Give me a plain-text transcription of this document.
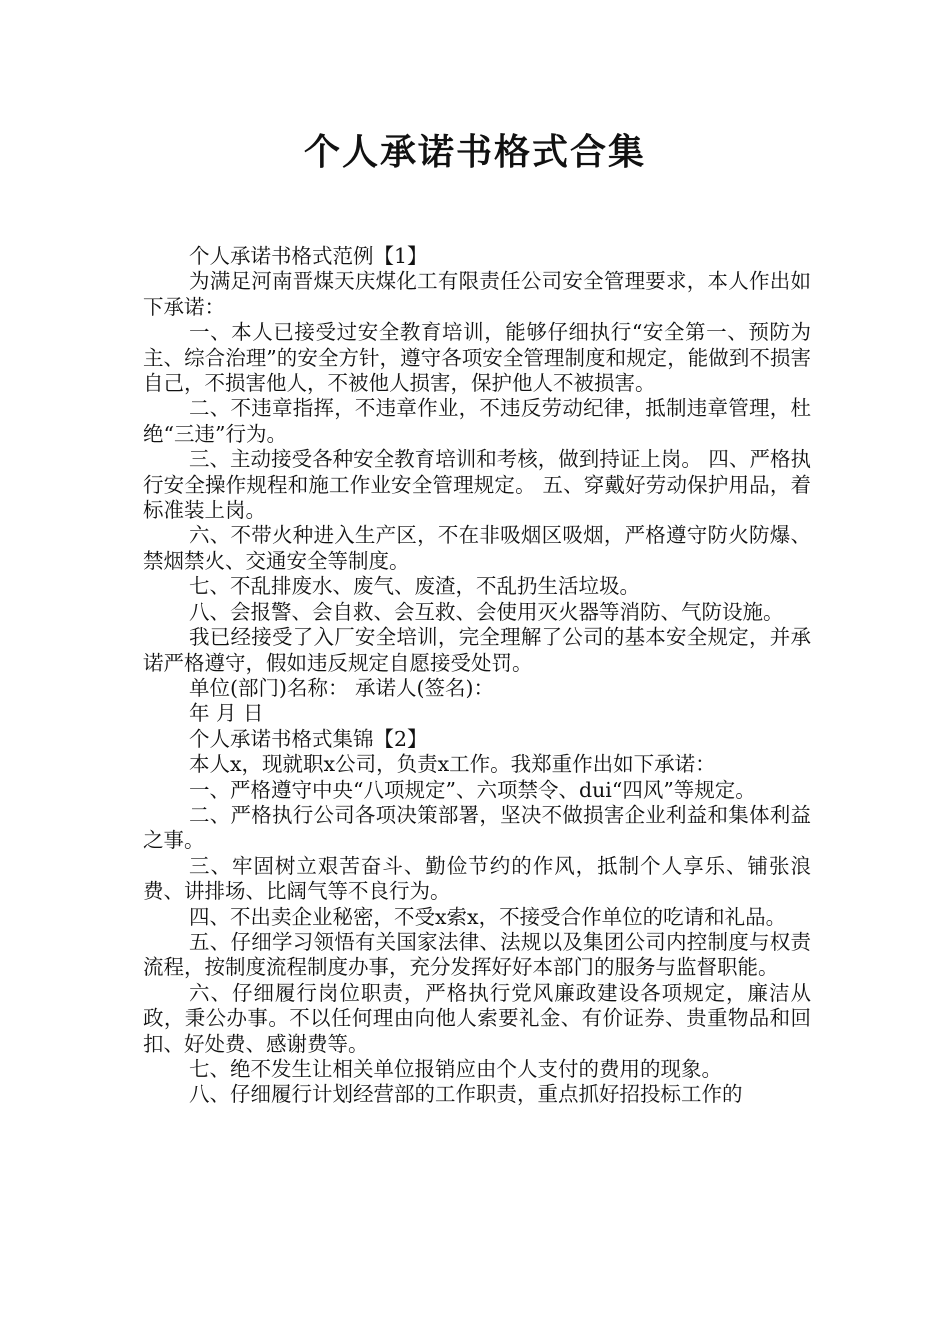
个人承诺书格式合集

个人承诺书格式范例【1】

为满足河南晋煤天庆煤化工有限责任公司安全管理要求，本人作出如下承诺：

一、本人已接受过安全教育培训，能够仔细执行“安全第一、预防为主、综合治理”的安全方针，遵守各项安全管理制度和规定，能做到不损害自己，不损害他人，不被他人损害，保护他人不被损害。

二、不违章指挥，不违章作业，不违反劳动纪律，抵制违章管理，杜绝“三违”行为。

三、主动接受各种安全教育培训和考核，做到持证上岗。 四、严格执行安全操作规程和施工作业安全管理规定。 五、穿戴好劳动保护用品，着标准装上岗。

六、不带火种进入生产区，不在非吸烟区吸烟，严格遵守防火防爆、禁烟禁火、交通安全等制度。

七、不乱排废水、废气、废渣，不乱扔生活垃圾。

八、会报警、会自救、会互救、会使用灭火器等消防、气防设施。

我已经接受了入厂安全培训，完全理解了公司的基本安全规定，并承诺严格遵守，假如违反规定自愿接受处罚。

单位(部门)名称： 承诺人(签名)：

年 月 日

个人承诺书格式集锦【2】

本人x，现就职x公司，负责x工作。我郑重作出如下承诺：

一、严格遵守中央“八项规定”、六项禁令、dui“四风”等规定。

二、严格执行公司各项决策部署，坚决不做损害企业利益和集体利益之事。

三、牢固树立艰苦奋斗、勤俭节约的作风，抵制个人享乐、铺张浪费、讲排场、比阔气等不良行为。

四、不出卖企业秘密，不受x索x，不接受合作单位的吃请和礼品。

五、仔细学习领悟有关国家法律、法规以及集团公司内控制度与权责流程，按制度流程制度办事，充分发挥好好本部门的服务与监督职能。

六、仔细履行岗位职责，严格执行党风廉政建设各项规定，廉洁从政，秉公办事。不以任何理由向他人索要礼金、有价证券、贵重物品和回扣、好处费、感谢费等。

七、绝不发生让相关单位报销应由个人支付的费用的现象。

八、仔细履行计划经营部的工作职责，重点抓好招投标工作的
